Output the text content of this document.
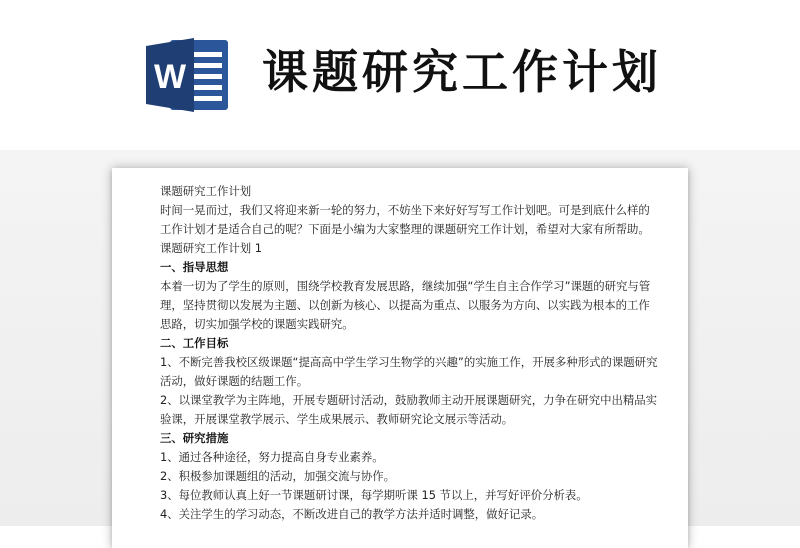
W 课题研究工作计划

课题研究工作计划

时间一晃而过，我们又将迎来新一轮的努力，不妨坐下来好好写写工作计划吧。可是到底什么样的工作计划才是适合自己的呢？下面是小编为大家整理的课题研究工作计划，希望对大家有所帮助。

课题研究工作计划 1

一、指导思想

本着一切为了学生的原则，围绕学校教育发展思路，继续加强“学生自主合作学习”课题的研究与管理，坚持贯彻以发展为主题、以创新为核心、以提高为重点、以服务为方向、以实践为根本的工作思路，切实加强学校的课题实践研究。

二、工作目标

1、不断完善我校区级课题“提高高中学生学习生物学的兴趣”的实施工作，开展多种形式的课题研究活动，做好课题的结题工作。

2、以课堂教学为主阵地，开展专题研讨活动，鼓励教师主动开展课题研究，力争在研究中出精品实验课，开展课堂教学展示、学生成果展示、教师研究论文展示等活动。

三、研究措施

1、通过各种途径，努力提高自身专业素养。

2、积极参加课题组的活动，加强交流与协作。

3、每位教师认真上好一节课题研讨课，每学期听课 15 节以上，并写好评价分析表。

4、关注学生的学习动态，不断改进自己的教学方法并适时调整，做好记录。
